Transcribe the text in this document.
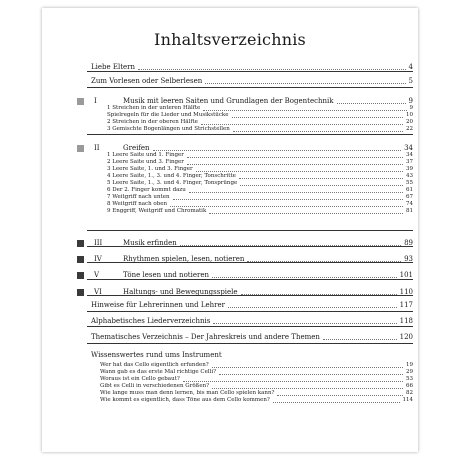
Inhaltsverzeichnis
Liebe Eltern	4
Zum Vorlesen oder Selberlesen	5
I	Musik mit leeren Saiten und Grundlagen der Bogentechnik	9
1 Streichen in der unteren Hälfte	9
Spielregeln für die Lieder und Musikstücke	10
2 Streichen in der oberen Hälfte	20
3 Gemischte Bogenlängen und Strichstellen	22
II	Greifen	34
1 Leere Saite und 1. Finger	34
2 Leere Saite und 3. Finger	37
3 Leere Saite, 1. und 3. Finger	39
4 Leere Saite, 1., 3. und 4. Finger, Tonschritte	43
5 Leere Saite, 1., 3. und 4. Finger, Tonsprünge	55
6 Der 2. Finger kommt dazu	61
7 Weitgriff nach unten	67
8 Weitgriff nach oben	74
9 Enggriff, Weitgriff und Chromatik	81
III	Musik erfinden	89
IV	Rhythmen spielen, lesen, notieren	93
V	Töne lesen und notieren	101
VI	Haltungs- und Bewegungsspiele	110
Hinweise für Lehrerinnen und Lehrer	117
Alphabetisches Liederverzeichnis	118
Thematisches Verzeichnis – Der Jahreskreis und andere Themen	120
Wissenswertes rund ums Instrument
Wer hat das Cello eigentlich erfunden?	19
Wann gab es das erste Mal richtige Celli?	29
Woraus ist ein Cello gebaut?	53
Gibt es Celli in verschiedenen Größen?	66
Wie lange muss man denn lernen, bis man Cello spielen kann?	82
Wie kommt es eigentlich, dass Töne aus dem Cello kommen?	114
